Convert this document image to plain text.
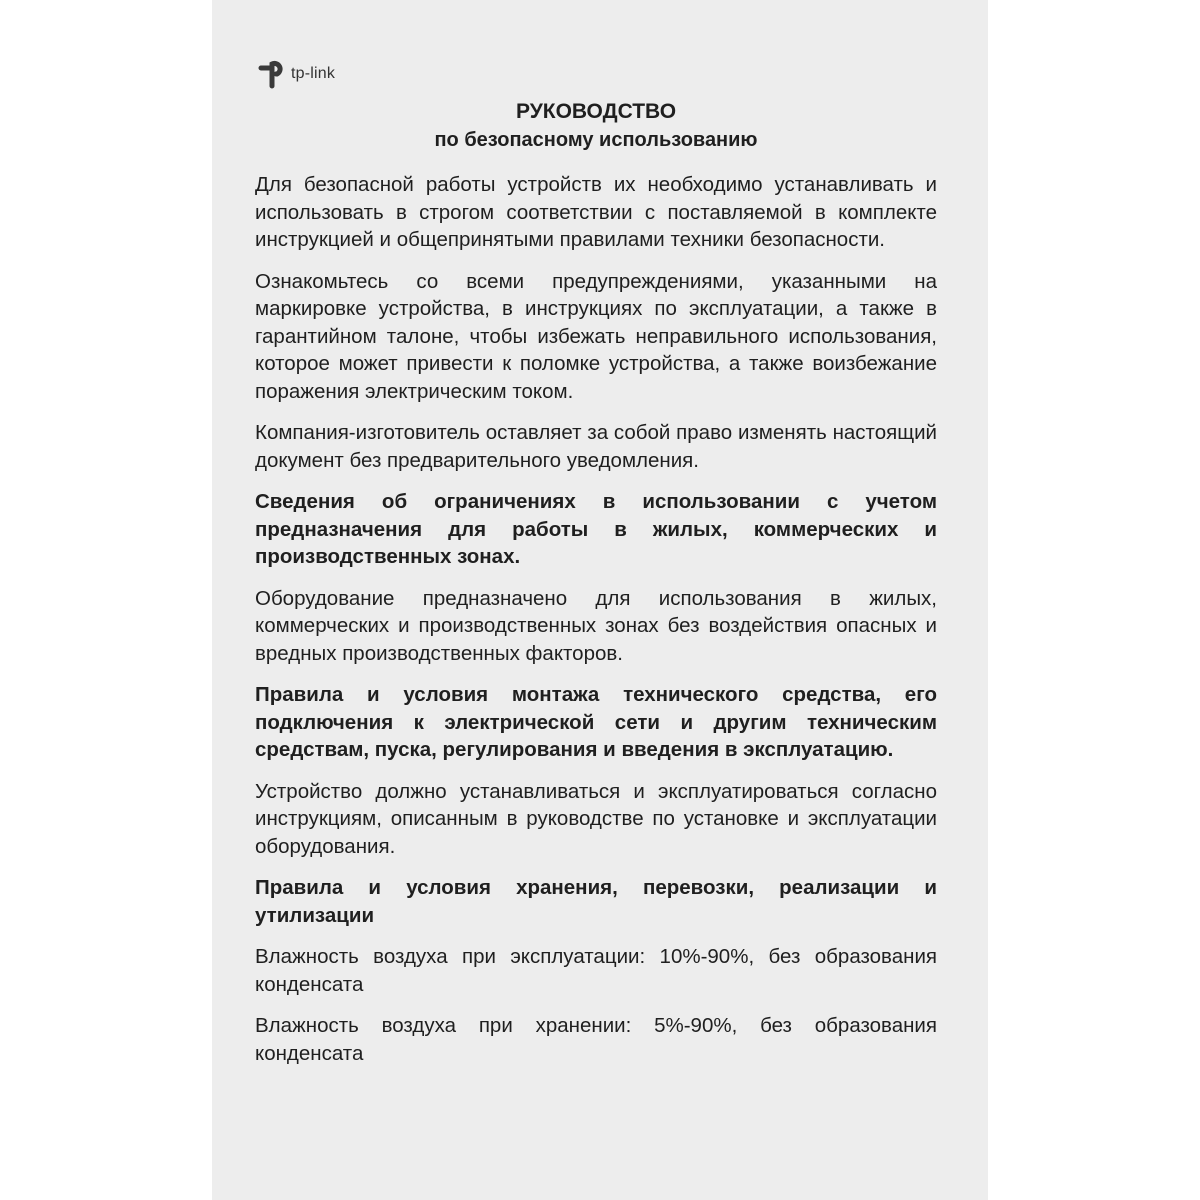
tp-link
РУКОВОДСТВО
по безопасному использованию

Для безопасной работы устройств их необходимо устанавливать и использовать в строгом соответствии с поставляемой в комплекте инструкцией и общепринятыми правилами техники безопасности.

Ознакомьтесь со всеми предупреждениями, указанными на маркировке устройства, в инструкциях по эксплуатации, а также в гарантийном талоне, чтобы избежать неправильного использования, которое может привести к поломке устройства, а также воизбежание поражения электрическим током.

Компания-изготовитель оставляет за собой право изменять настоящий документ без предварительного уведомления.

Сведения об ограничениях в использовании с учетом предназначения для работы в жилых, коммерческих и производственных зонах.

Оборудование предназначено для использования в жилых, коммерческих и производственных зонах без воздействия опасных и вредных производственных факторов.

Правила и условия монтажа технического средства, его подключения к электрической сети и другим техническим средствам, пуска, регулирования и введения в эксплуатацию.

Устройство должно устанавливаться и эксплуатироваться согласно инструкциям, описанным в руководстве по установке и эксплуатации оборудования.

Правила и условия хранения, перевозки, реализации и утилизации

Влажность воздуха при эксплуатации: 10%-90%, без образования конденсата

Влажность воздуха при хранении: 5%-90%, без образования конденсата
